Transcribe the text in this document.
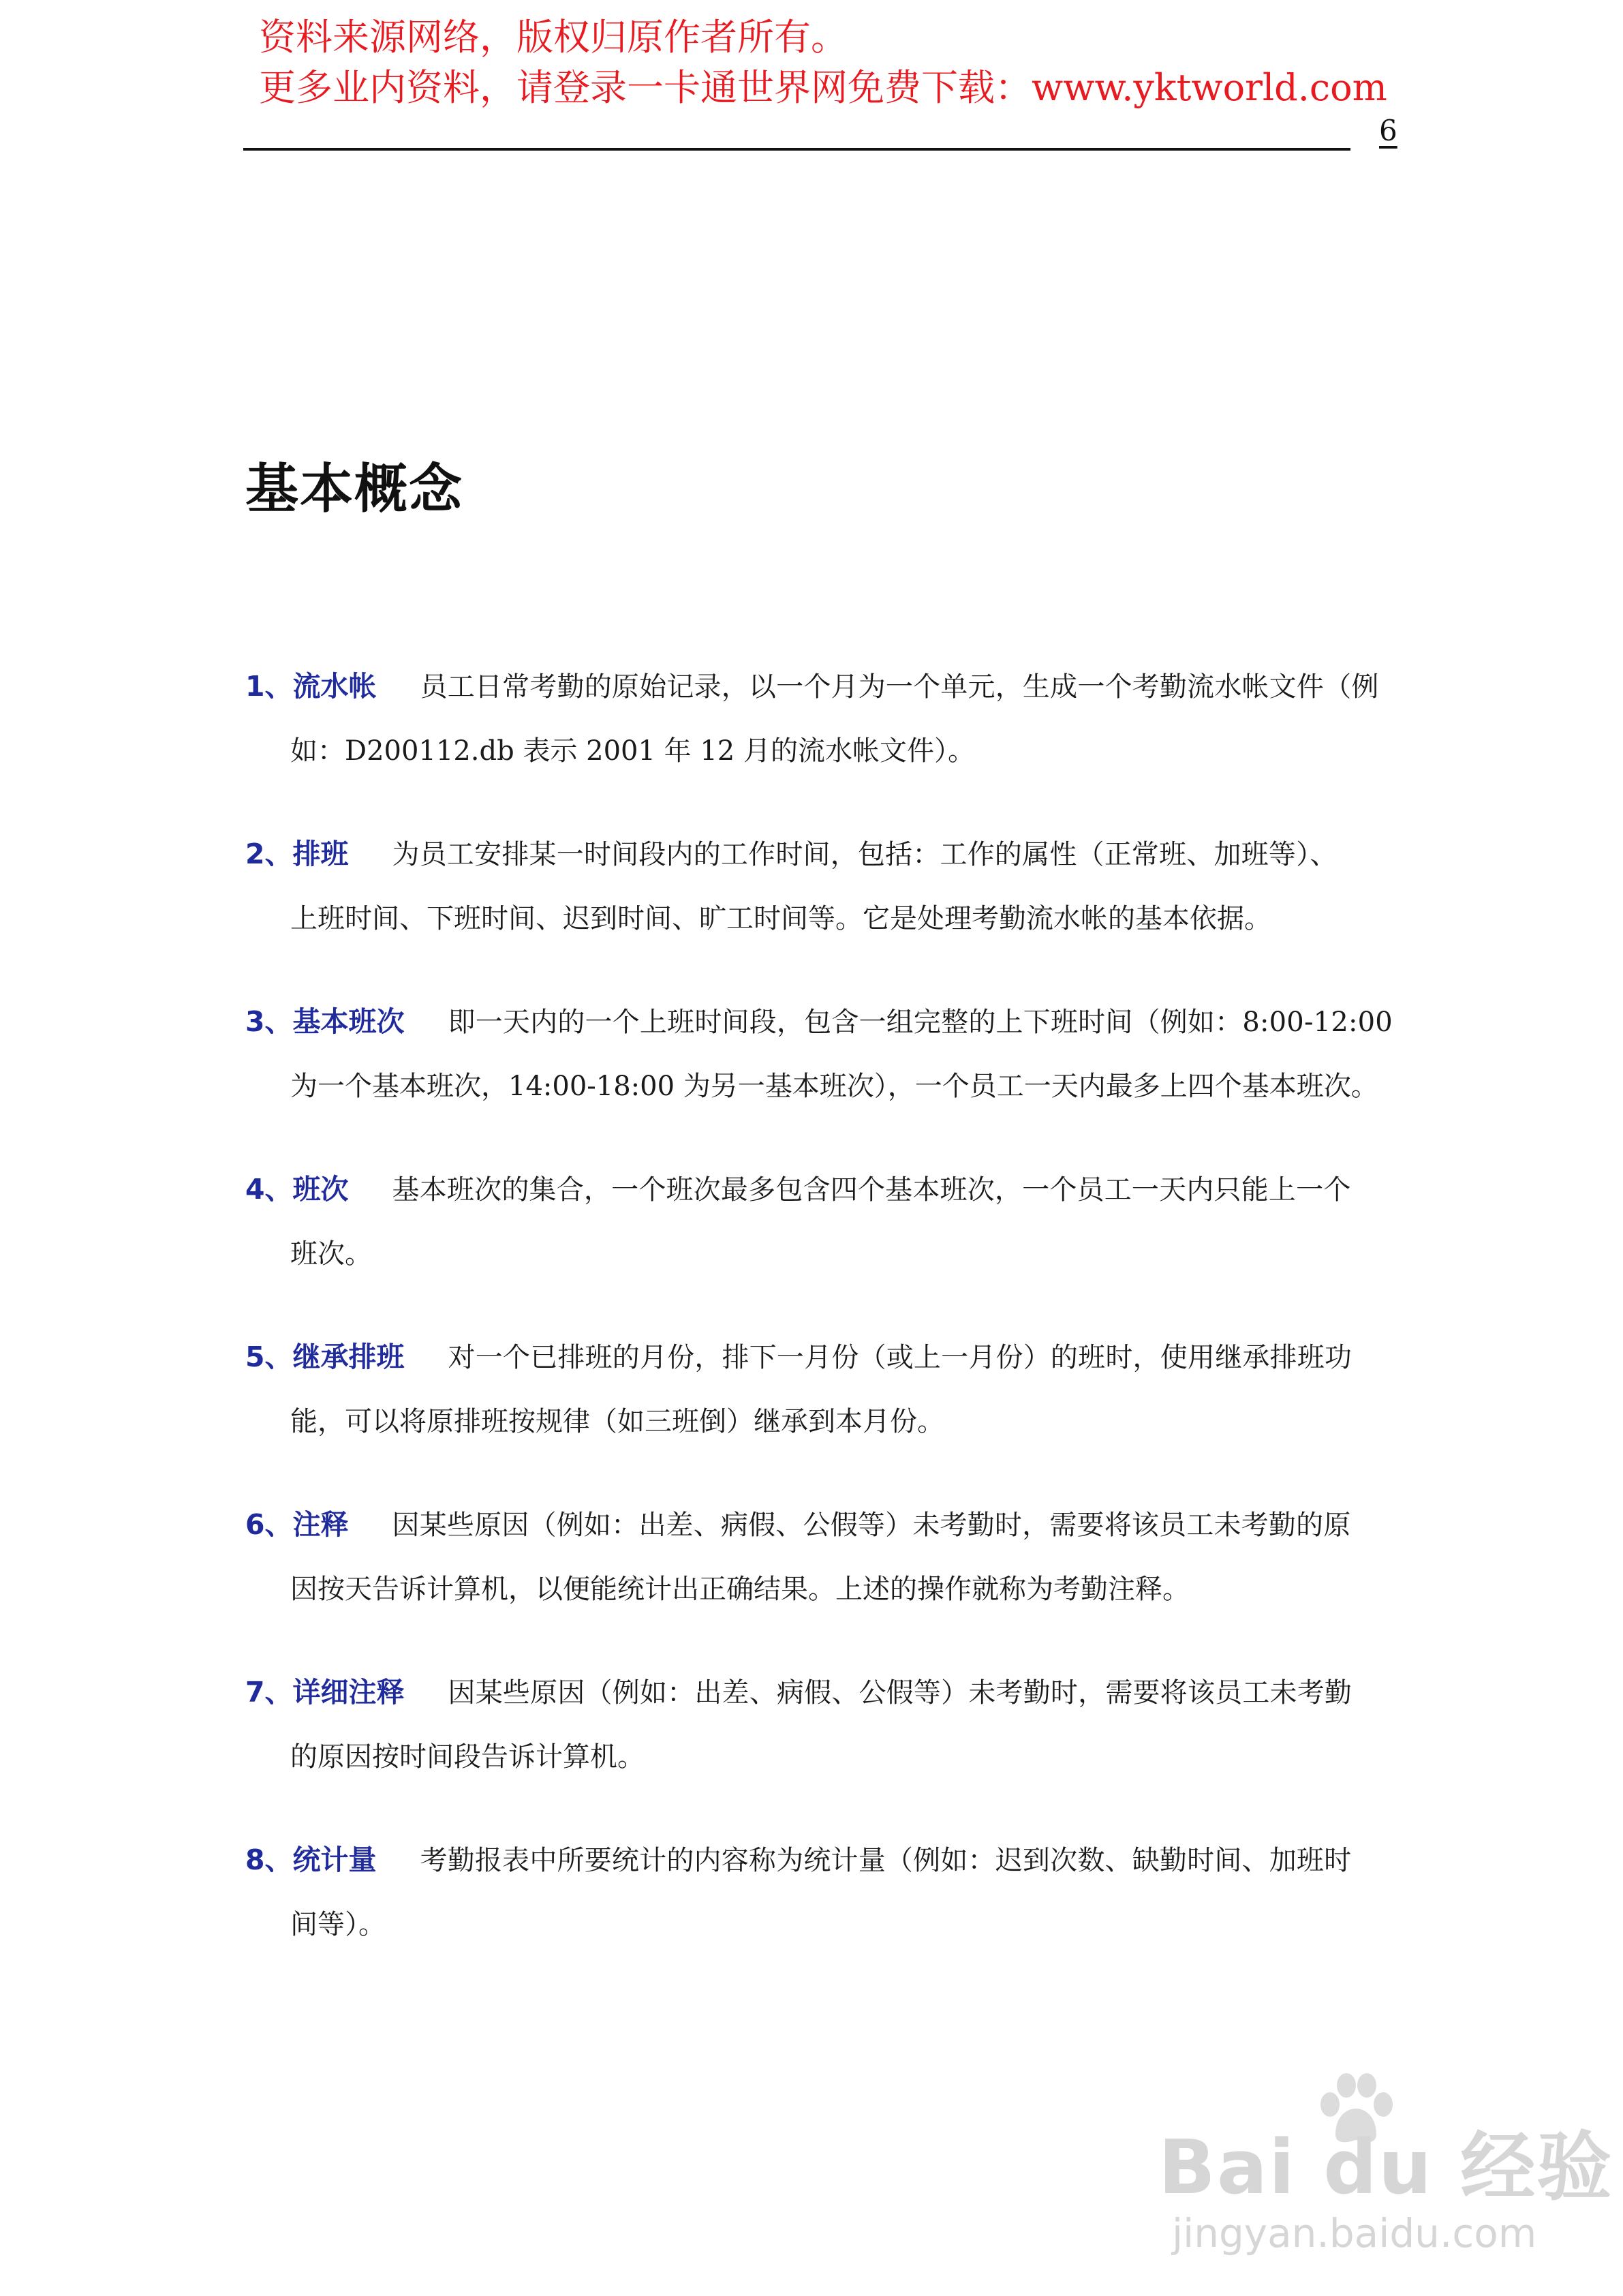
资料来源网络，版权归原作者所有。
更多业内资料，请登录一卡通世界网免费下载：www.yktworld.com
6
基本概念
1、 流水帐 员工日常考勤的原始记录，以一个月为一个单元，生成一个考勤流水帐文件（例
如：D200112.db 表示 2001 年 12 月的流水帐文件）。
2、 排班 为员工安排某一时间段内的工作时间，包括：工作的属性（正常班、加班等）、
上班时间、下班时间、迟到时间、旷工时间等。它是处理考勤流水帐的基本依据。
3、 基本班次 即一天内的一个上班时间段，包含一组完整的上下班时间（例如：8:00-12:00
为一个基本班次，14:00-18:00 为另一基本班次），一个员工一天内最多上四个基本班次。
4、 班次 基本班次的集合，一个班次最多包含四个基本班次，一个员工一天内只能上一个
班次。
5、 继承排班 对一个已排班的月份，排下一月份（或上一月份）的班时，使用继承排班功
能，可以将原排班按规律（如三班倒）继承到本月份。
6、 注释 因某些原因（例如：出差、病假、公假等）未考勤时，需要将该员工未考勤的原
因按天告诉计算机，以便能统计出正确结果。上述的操作就称为考勤注释。
7、 详细注释 因某些原因（例如：出差、病假、公假等）未考勤时，需要将该员工未考勤
的原因按时间段告诉计算机。
8、 统计量 考勤报表中所要统计的内容称为统计量（例如：迟到次数、缺勤时间、加班时
间等）。
Bai du 经验
jingyan.baidu.com
